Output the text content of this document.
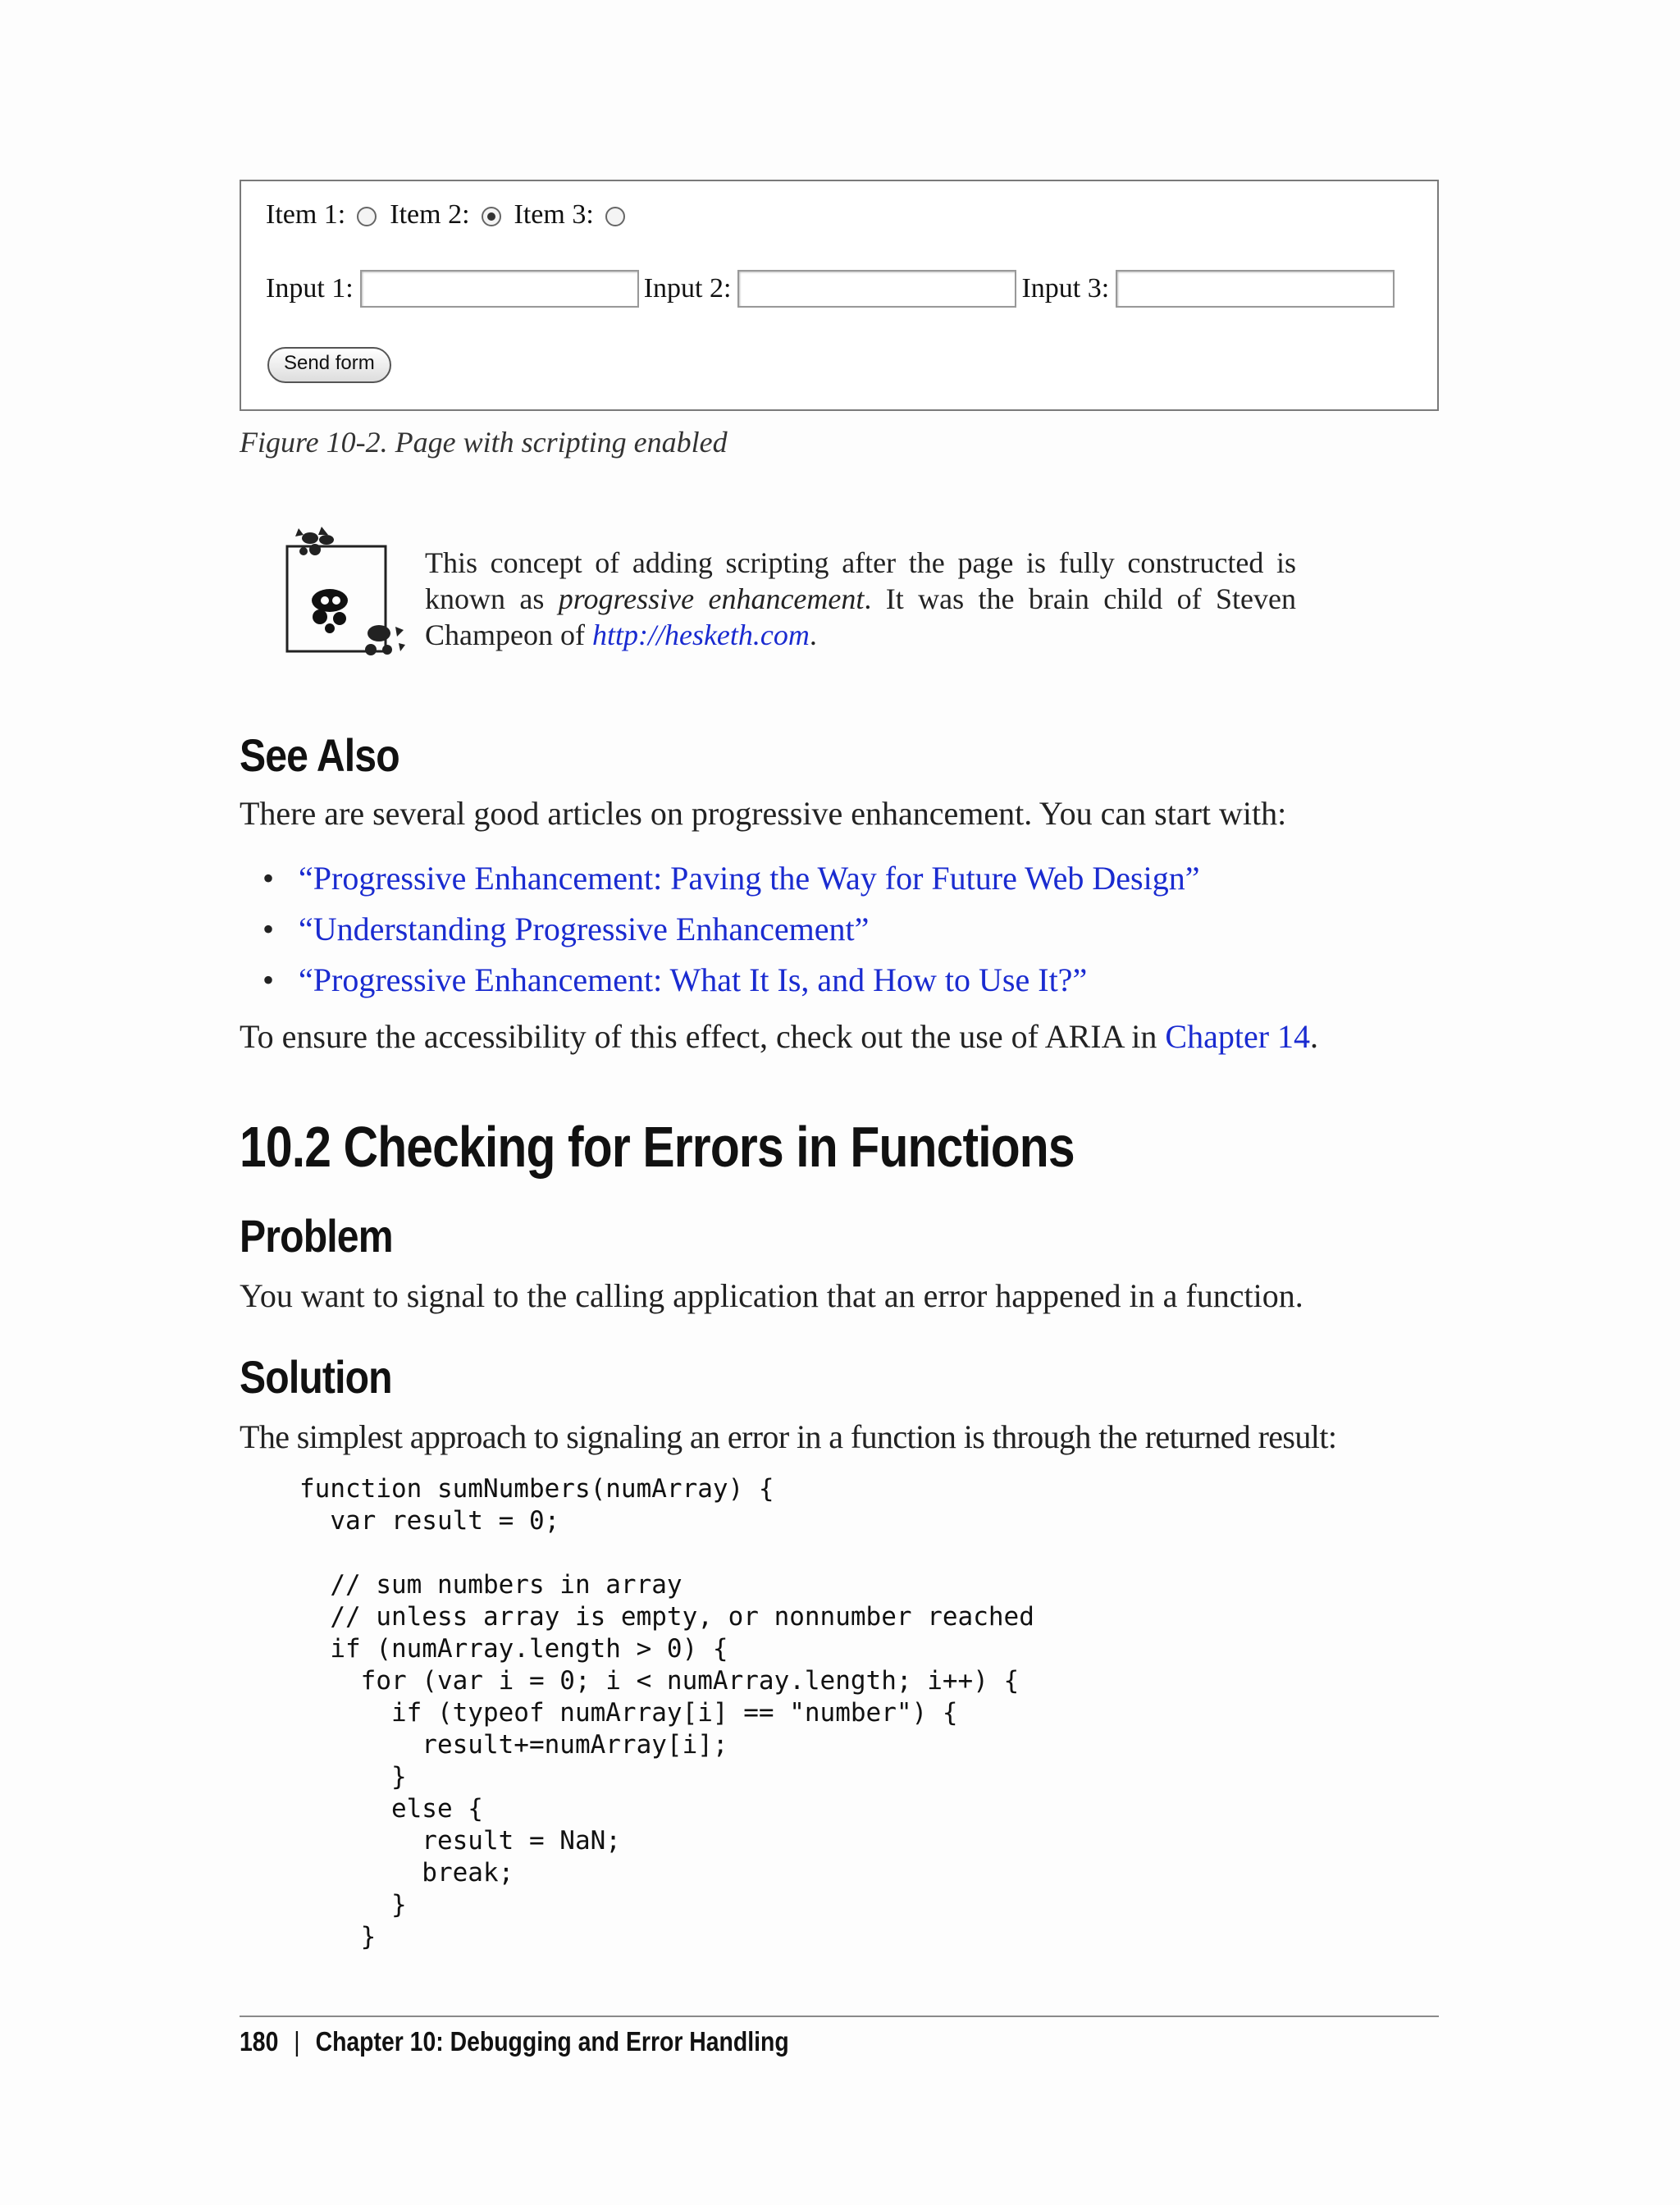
Item 1: Item 2: Item 3:
Input 1:	Input 2:	Input 3:
Send form
Figure 10-2. Page with scripting enabled
This concept of adding scripting after the page is fully constructed is known as progressive enhancement. It was the brain child of Steven Champeon of http://hesketh.com.
See Also
There are several good articles on progressive enhancement. You can start with:
• “Progressive Enhancement: Paving the Way for Future Web Design”
• “Understanding Progressive Enhancement”
• “Progressive Enhancement: What It Is, and How to Use It?”
To ensure the accessibility of this effect, check out the use of ARIA in Chapter 14.
10.2 Checking for Errors in Functions
Problem
You want to signal to the calling application that an error happened in a function.
Solution
The simplest approach to signaling an error in a function is through the returned result:
function sumNumbers(numArray) {
var result = 0;

// sum numbers in array
// unless array is empty, or nonnumber reached
if (numArray.length > 0) {
for (var i = 0; i < numArray.length; i++) {
if (typeof numArray[i] == "number") {
result+=numArray[i];
}
else {
result = NaN;
break;
}
}
180 | Chapter 10: Debugging and Error Handling
